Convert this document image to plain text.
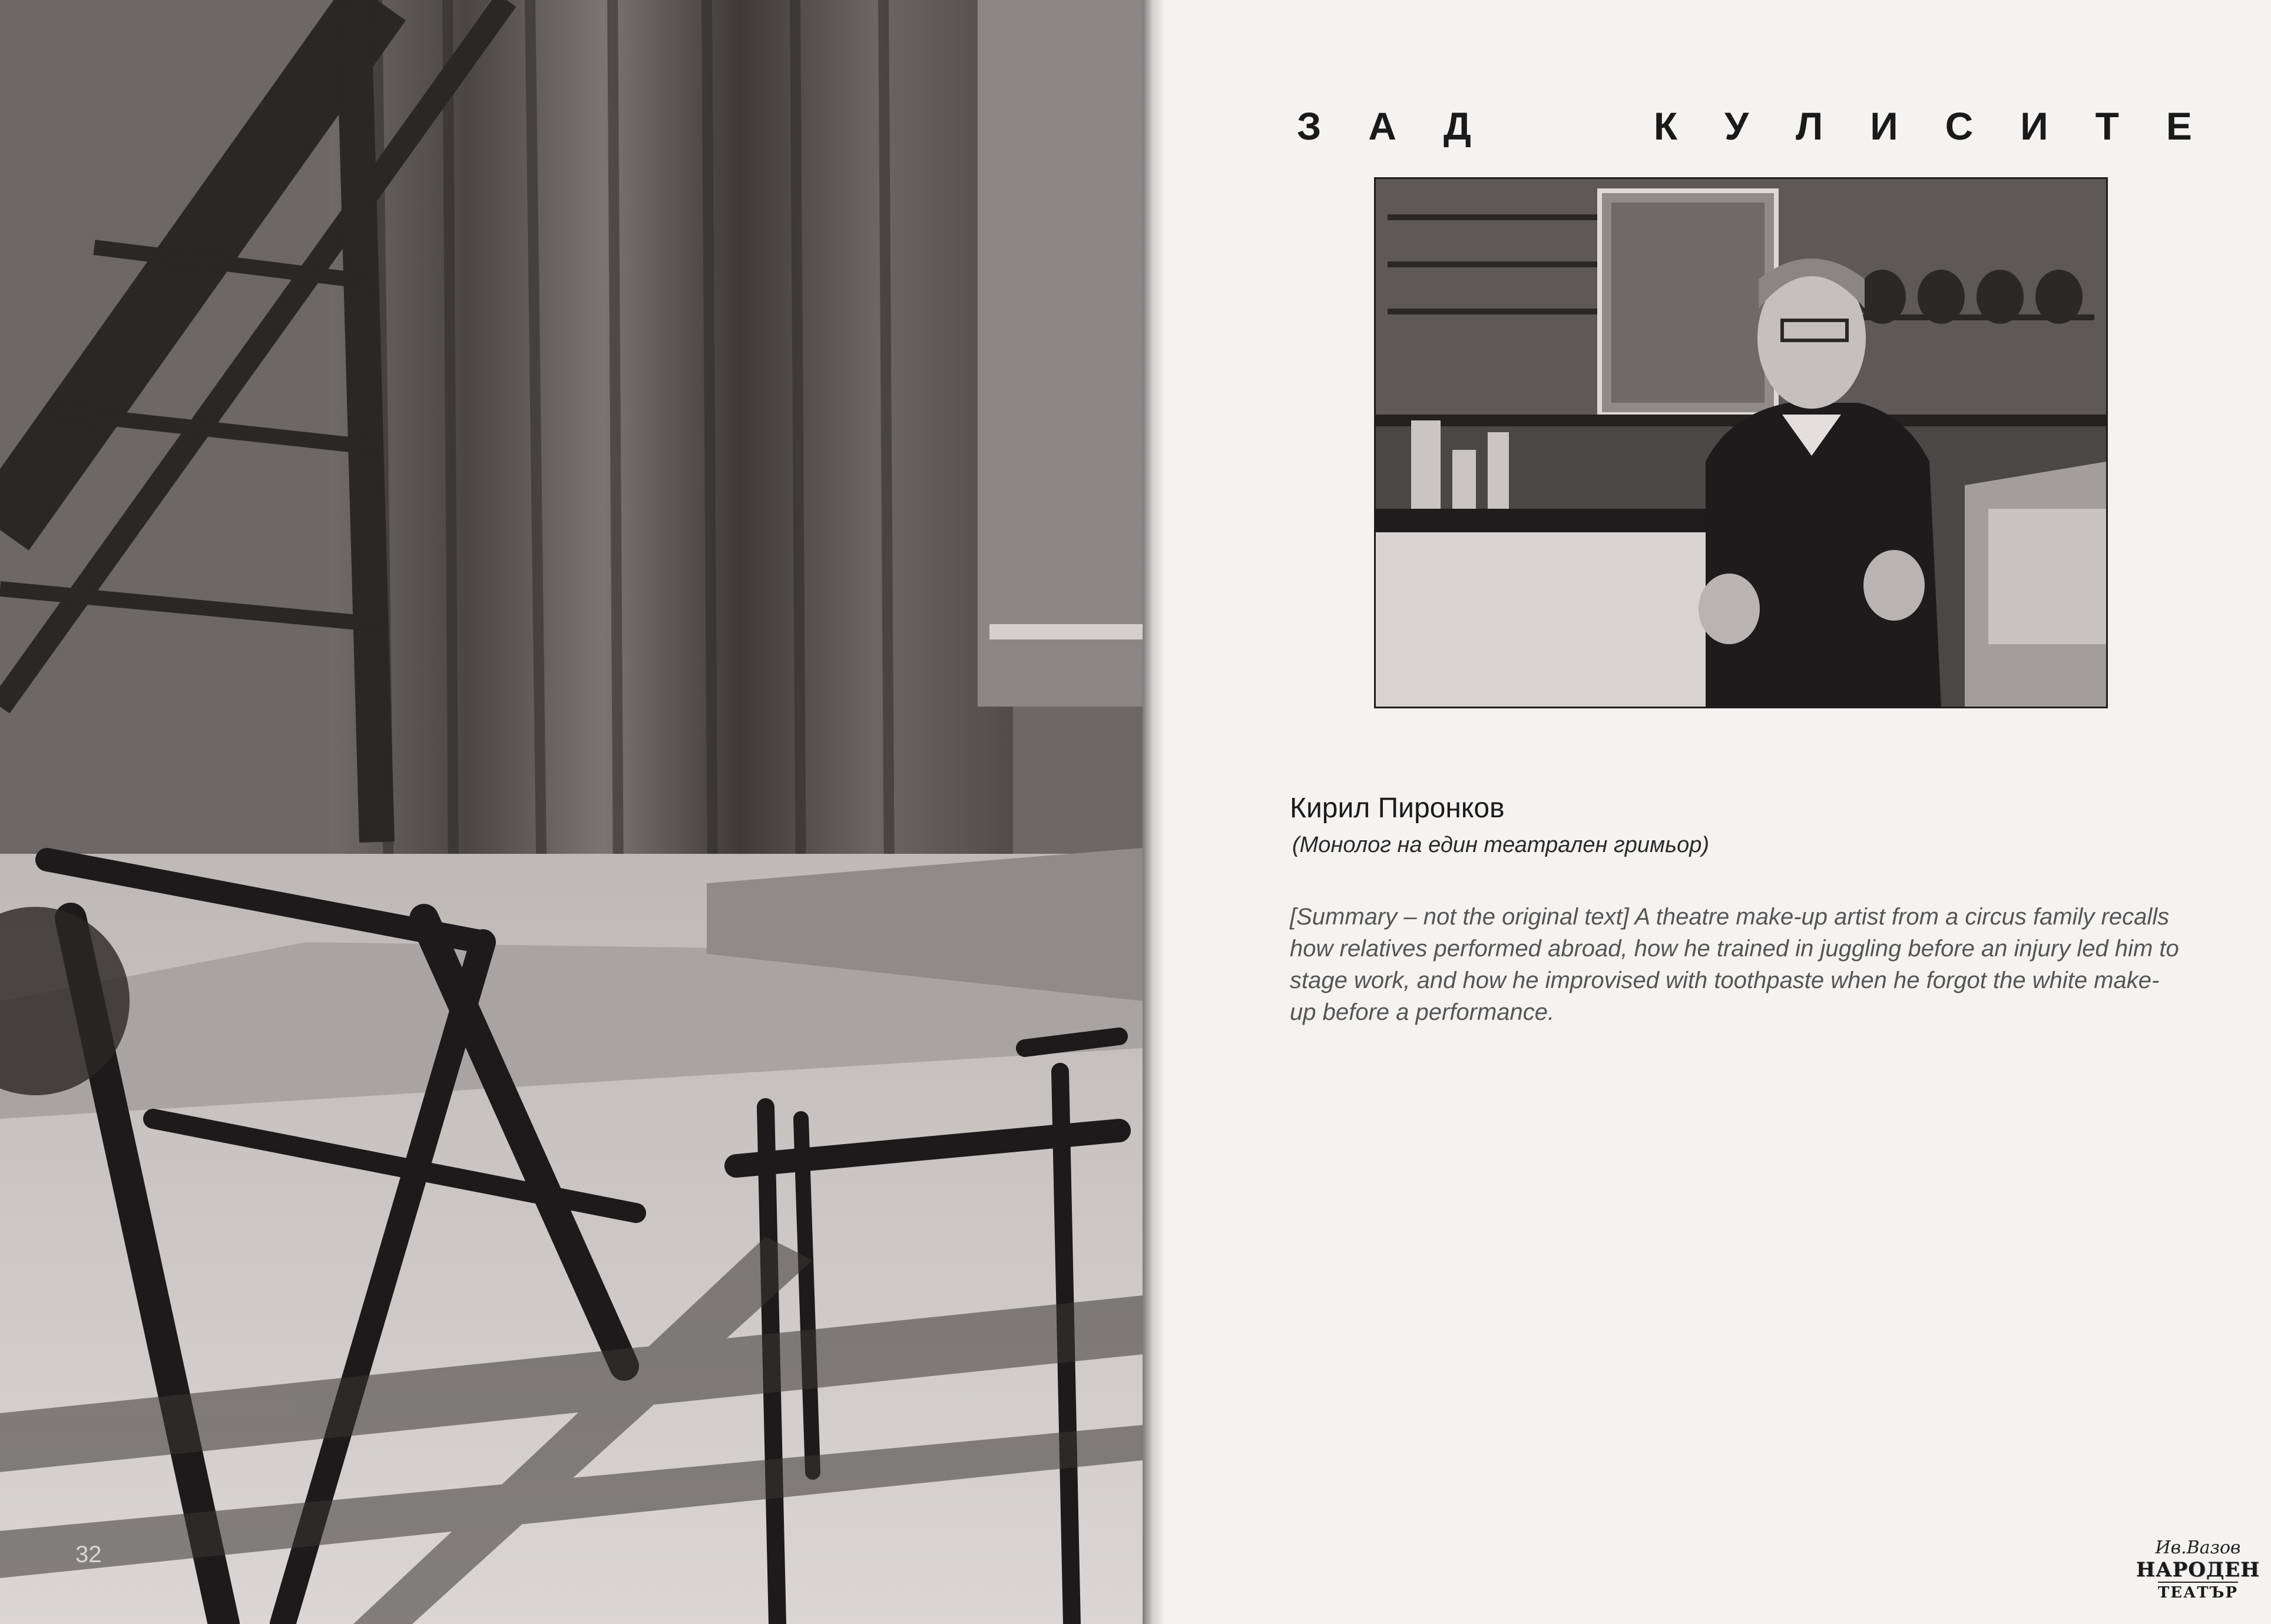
32
З А Д	К У Л И С И Т Е
Кирил Пиронков
(Монолог на един театрален гримьор)
[Summary – not the original text] A theatre make-up artist from a circus family recalls how relatives performed abroad, how he trained in juggling before an injury led him to stage work, and how he improvised with toothpaste when he forgot the white make-up before a performance.
Ив.Вазов
НАРОДЕН
ТЕАТЪР
